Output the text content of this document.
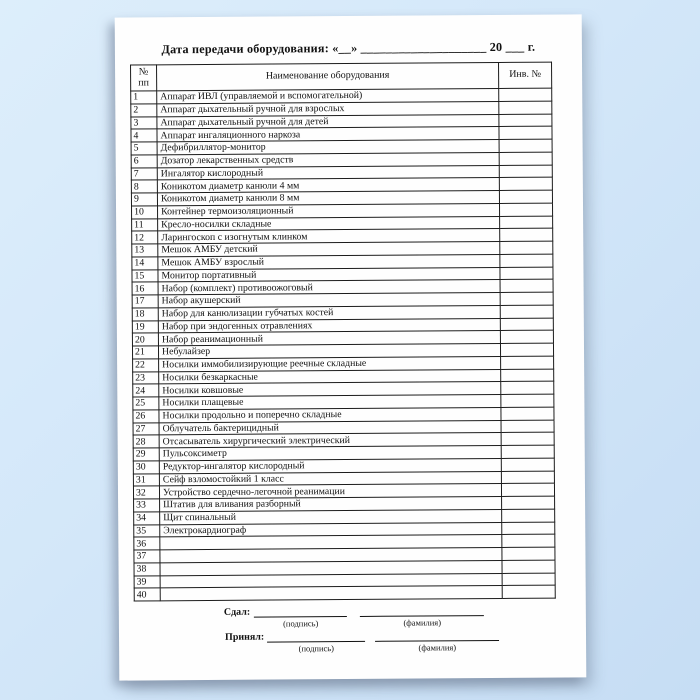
Дата передачи оборудования: «__» ____________________ 20 ___ г.
№
пп	Наименование оборудования	Инв. №
1	Аппарат ИВЛ (управляемой и вспомогательной)	
2	Аппарат дыхательный ручной для взрослых	
3	Аппарат дыхательный ручной для детей	
4	Аппарат ингаляционного наркоза	
5	Дефибриллятор-монитор	
6	Дозатор лекарственных средств	
7	Ингалятор кислородный	
8	Коникотом диаметр канюли 4 мм	
9	Коникотом диаметр канюли 8 мм	
10	Контейнер термоизоляционный	
11	Кресло-носилки складные	
12	Ларингоскоп с изогнутым клинком	
13	Мешок АМБУ детский	
14	Мешок АМБУ взрослый	
15	Монитор портативный	
16	Набор (комплект) противоожоговый	
17	Набор акушерский	
18	Набор для канюлизации губчатых костей	
19	Набор при эндогенных отравлениях	
20	Набор реанимационный	
21	Небулайзер	
22	Носилки иммобилизирующие реечные складные	
23	Носилки безкаркасные	
24	Носилки ковшовые	
25	Носилки плащевые	
26	Носилки продольно и поперечно складные	
27	Облучатель бактерицидный	
28	Отсасыватель хирургический электрический	
29	Пульсоксиметр	
30	Редуктор-ингалятор кислородный	
31	Сейф взломостойкий 1 класс	
32	Устройство сердечно-легочной реанимации	
33	Штатив для вливания разборный	
34	Щит спинальный	
35	Электрокардиограф	
36		
37		
38		
39		
40		
Сдал:
(подпись)	(фамилия)
Принял:
(подпись)	(фамилия)
